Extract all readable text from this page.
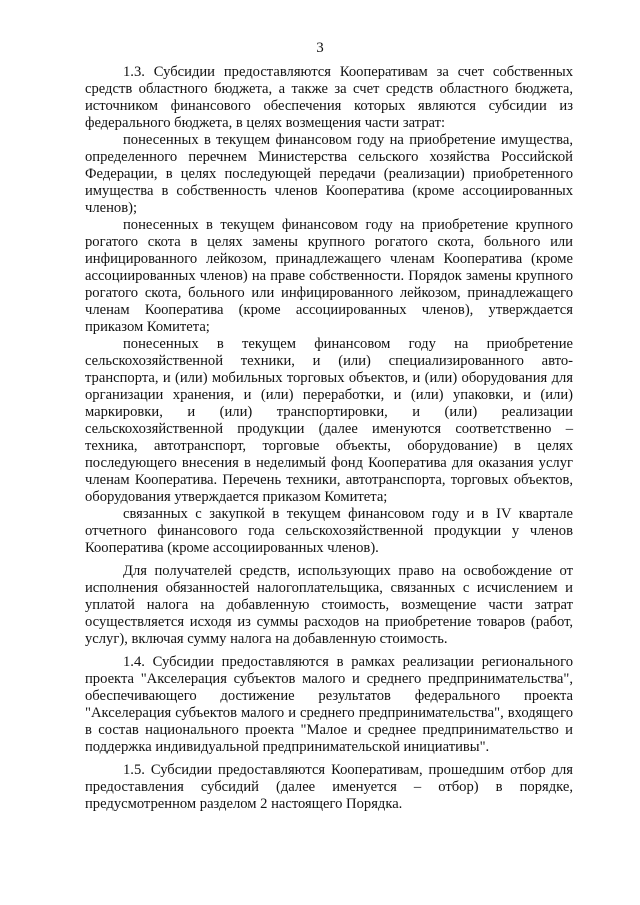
3

1.3. Субсидии предоставляются Кооперативам за счет собственных средств областного бюджета, а также за счет средств областного бюджета, источником финансового обеспечения которых являются субсидии из федерального бюджета, в целях возмещения части затрат:

понесенных в текущем финансовом году на приобретение имущества, определенного перечнем Министерства сельского хозяйства Российской Федерации, в целях последующей передачи (реализации) приобретенного имущества в собственность членов Кооператива (кроме ассоциированных членов);

понесенных в текущем финансовом году на приобретение крупного рогатого скота в целях замены крупного рогатого скота, больного или инфицированного лейкозом, принадлежащего членам Кооператива (кроме ассоциированных членов) на праве собственности. Порядок замены крупного рогатого скота, больного или инфицированного лейкозом, принадлежащего членам Кооператива (кроме ассоциированных членов), утверждается приказом Комитета;

понесенных в текущем финансовом году на приобретение сельскохозяйственной техники, и (или) специализированного авто-транспорта, и (или) мобильных торговых объектов, и (или) оборудования для организации хранения, и (или) переработки, и (или) упаковки, и (или) маркировки, и (или) транспортировки, и (или) реализации сельскохозяйственной продукции (далее именуются соответственно – техника, автотранспорт, торговые объекты, оборудование) в целях последующего внесения в неделимый фонд Кооператива для оказания услуг членам Кооператива. Перечень техники, автотранспорта, торговых объектов, оборудования утверждается приказом Комитета;

связанных с закупкой в текущем финансовом году и в IV квартале отчетного финансового года сельскохозяйственной продукции у членов Кооператива (кроме ассоциированных членов).

Для получателей средств, использующих право на освобождение от исполнения обязанностей налогоплательщика, связанных с исчислением и уплатой налога на добавленную стоимость, возмещение части затрат осуществляется исходя из суммы расходов на приобретение товаров (работ, услуг), включая сумму налога на добавленную стоимость.

1.4. Субсидии предоставляются в рамках реализации регионального проекта "Акселерация субъектов малого и среднего предпринимательства", обеспечивающего достижение результатов федерального проекта "Акселерация субъектов малого и среднего предпринимательства", входящего в состав национального проекта "Малое и среднее предпринимательство и поддержка индивидуальной предпринимательской инициативы".

1.5. Субсидии предоставляются Кооперативам, прошедшим отбор для предоставления субсидий (далее именуется – отбор) в порядке, предусмотренном разделом 2 настоящего Порядка.
